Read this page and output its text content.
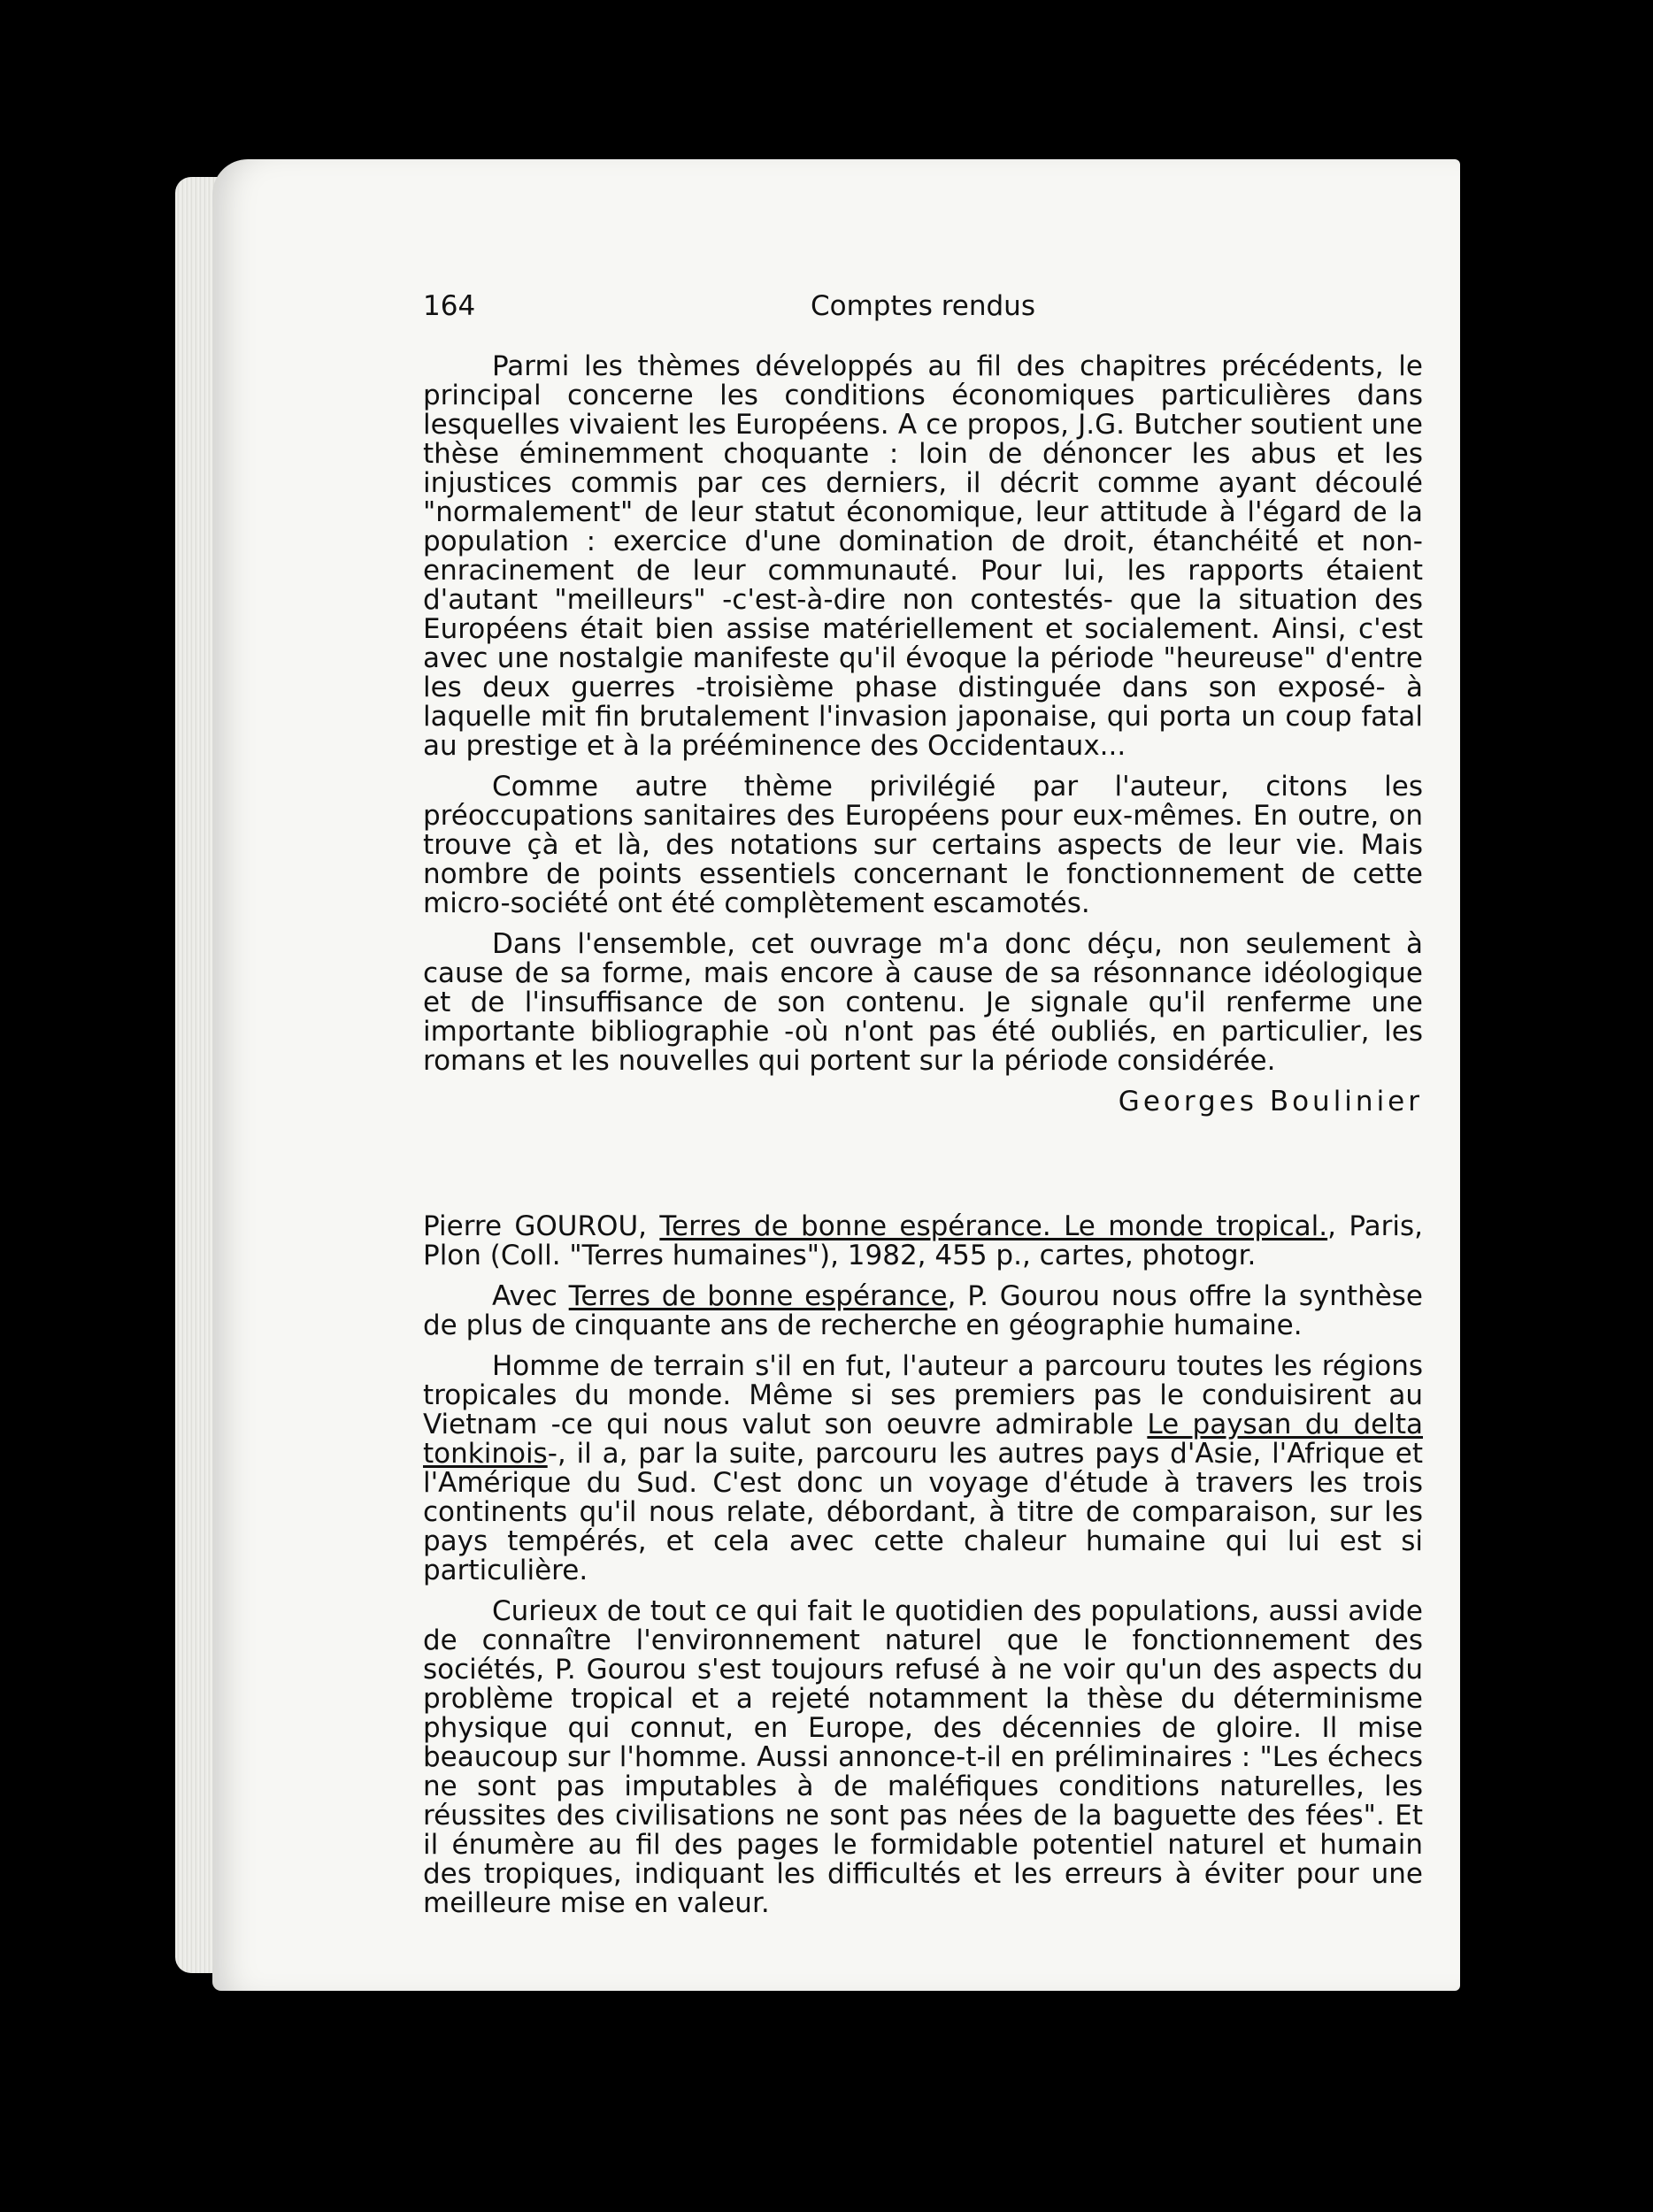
164	Comptes rendus

Parmi les thèmes développés au fil des chapitres précédents, le principal concerne les conditions économiques particulières dans lesquelles vivaient les Européens. A ce propos, J.G. Butcher soutient une thèse éminemment choquante : loin de dénoncer les abus et les injustices commis par ces derniers, il décrit comme ayant découlé "normalement" de leur statut économique, leur attitude à l'égard de la population : exercice d'une domination de droit, étanchéité et non-enracinement de leur communauté. Pour lui, les rapports étaient d'autant "meilleurs" -c'est-à-dire non contestés- que la situation des Européens était bien assise matériellement et socialement. Ainsi, c'est avec une nostalgie manifeste qu'il évoque la période "heureuse" d'entre les deux guerres -troisième phase distinguée dans son exposé- à laquelle mit fin brutalement l'invasion japonaise, qui porta un coup fatal au prestige et à la prééminence des Occidentaux...

Comme autre thème privilégié par l'auteur, citons les préoccupations sanitaires des Européens pour eux-mêmes. En outre, on trouve çà et là, des notations sur certains aspects de leur vie. Mais nombre de points essentiels concernant le fonctionnement de cette micro-société ont été complètement escamotés.

Dans l'ensemble, cet ouvrage m'a donc déçu, non seulement à cause de sa forme, mais encore à cause de sa résonnance idéologique et de l'insuffisance de son contenu. Je signale qu'il renferme une importante bibliographie -où n'ont pas été oubliés, en particulier, les romans et les nouvelles qui portent sur la période considérée.

Georges Boulinier

Pierre GOUROU, Terres de bonne espérance. Le monde tropical., Paris, Plon (Coll. "Terres humaines"), 1982, 455 p., cartes, photogr.

Avec Terres de bonne espérance, P. Gourou nous offre la synthèse de plus de cinquante ans de recherche en géographie humaine.

Homme de terrain s'il en fut, l'auteur a parcouru toutes les régions tropicales du monde. Même si ses premiers pas le conduisirent au Vietnam -ce qui nous valut son oeuvre admirable Le paysan du delta tonkinois-, il a, par la suite, parcouru les autres pays d'Asie, l'Afrique et l'Amérique du Sud. C'est donc un voyage d'étude à travers les trois continents qu'il nous relate, débordant, à titre de comparaison, sur les pays tempérés, et cela avec cette chaleur humaine qui lui est si particulière.

Curieux de tout ce qui fait le quotidien des populations, aussi avide de connaître l'environnement naturel que le fonctionnement des sociétés, P. Gourou s'est toujours refusé à ne voir qu'un des aspects du problème tropical et a rejeté notamment la thèse du déterminisme physique qui connut, en Europe, des décennies de gloire. Il mise beaucoup sur l'homme. Aussi annonce-t-il en préliminaires : "Les échecs ne sont pas imputables à de maléfiques conditions naturelles, les réussites des civilisations ne sont pas nées de la baguette des fées". Et il énumère au fil des pages le formidable potentiel naturel et humain des tropiques, indiquant les difficultés et les erreurs à éviter pour une meilleure mise en valeur.
